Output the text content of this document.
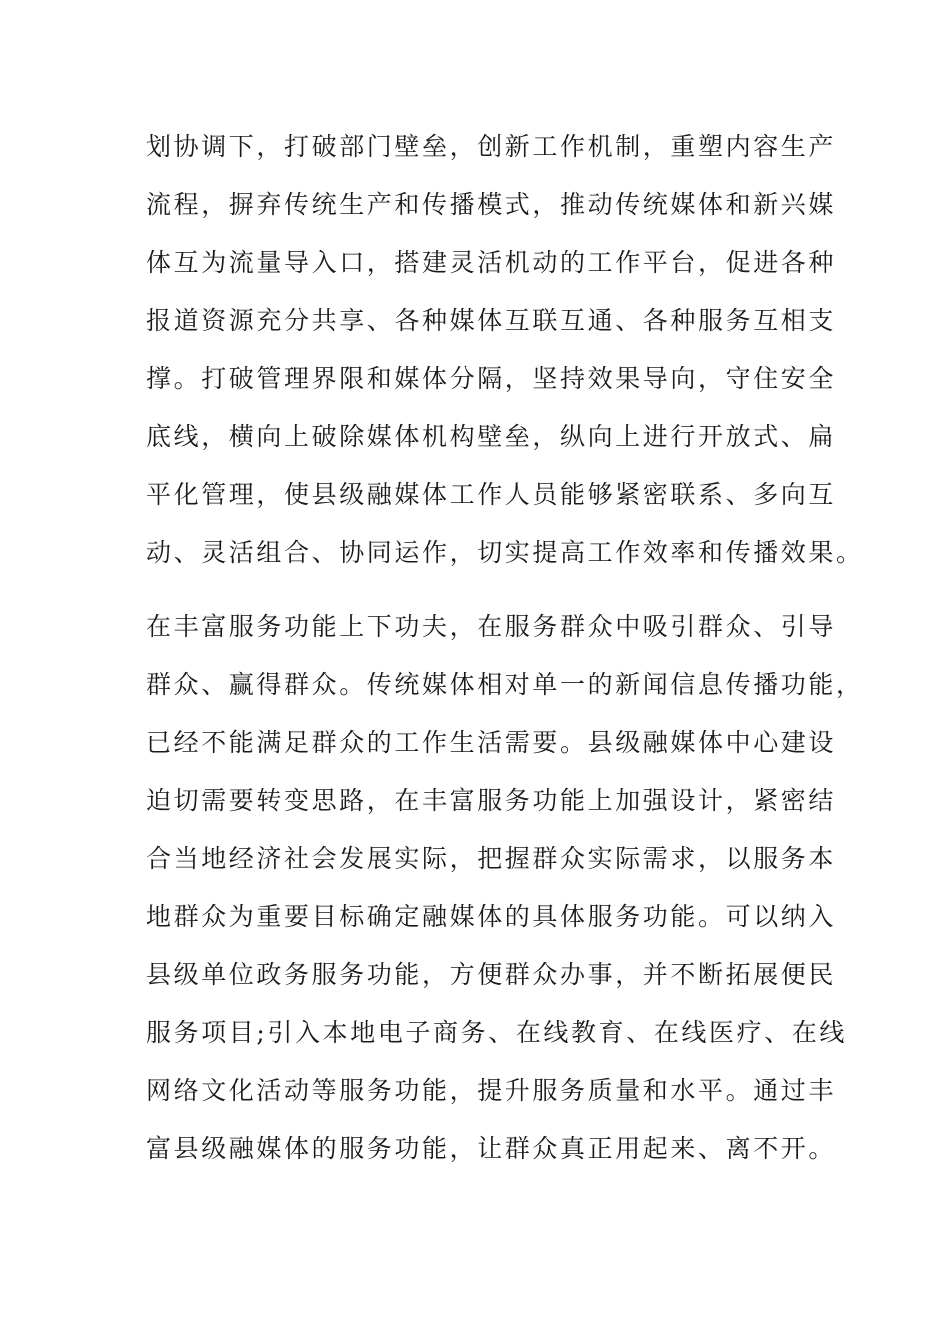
划协调下，打破部门壁垒，创新工作机制，重塑内容生产
流程，摒弃传统生产和传播模式，推动传统媒体和新兴媒
体互为流量导入口，搭建灵活机动的工作平台，促进各种
报道资源充分共享、各种媒体互联互通、各种服务互相支
撑。打破管理界限和媒体分隔，坚持效果导向，守住安全
底线，横向上破除媒体机构壁垒，纵向上进行开放式、扁
平化管理，使县级融媒体工作人员能够紧密联系、多向互
动、灵活组合、协同运作，切实提高工作效率和传播效果。
在丰富服务功能上下功夫，在服务群众中吸引群众、引导
群众、赢得群众。传统媒体相对单一的新闻信息传播功能，
已经不能满足群众的工作生活需要。县级融媒体中心建设
迫切需要转变思路，在丰富服务功能上加强设计，紧密结
合当地经济社会发展实际，把握群众实际需求，以服务本
地群众为重要目标确定融媒体的具体服务功能。可以纳入
县级单位政务服务功能，方便群众办事，并不断拓展便民
服务项目;引入本地电子商务、在线教育、在线医疗、在线
网络文化活动等服务功能，提升服务质量和水平。通过丰
富县级融媒体的服务功能，让群众真正用起来、离不开。
